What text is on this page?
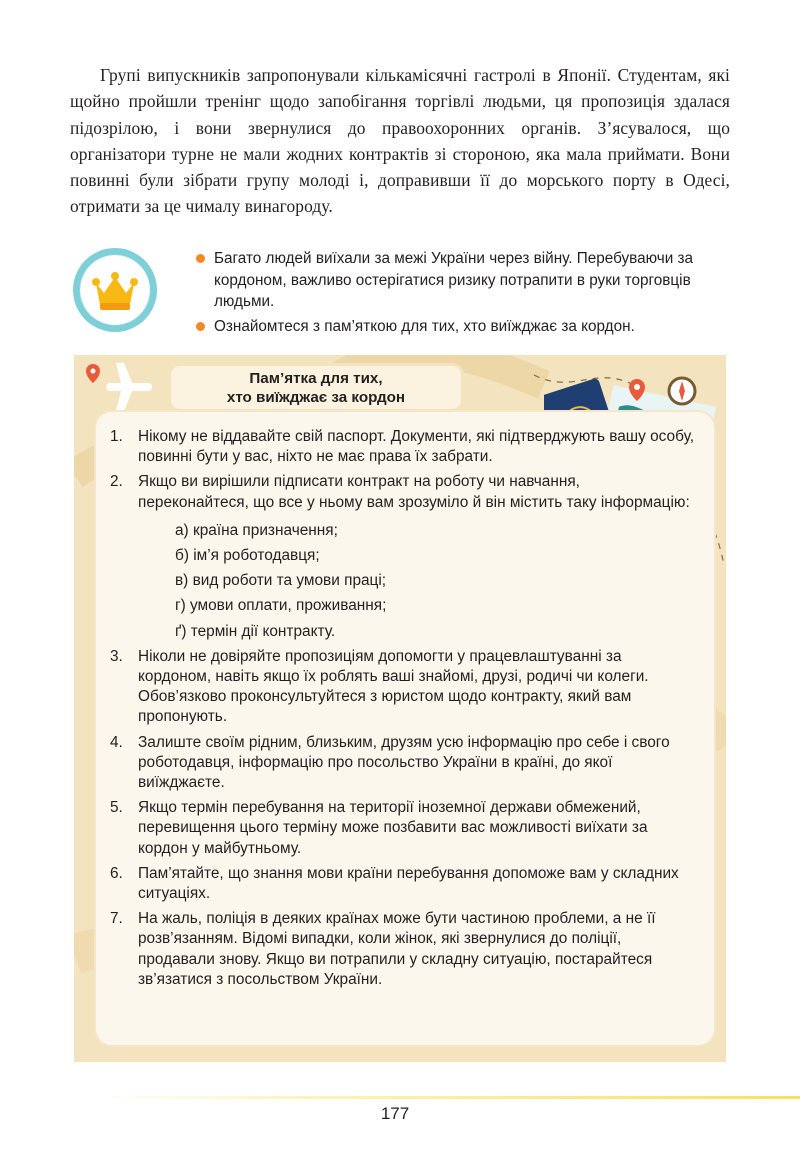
Групі випускників запропонували кількамісячні гастролі в Японії. Студентам, які щойно пройшли тренінг щодо запобігання торгівлі людьми, ця пропозиція здалася підозрілою, і вони звернулися до правоохоронних органів. З’ясувалося, що організатори турне не мали жодних контрактів зі стороною, яка мала приймати. Вони повинні були зібрати групу молоді і, доправивши її до морського порту в Одесі, отримати за це чималу винагороду.

Багато людей виїхали за межі України через війну. Перебуваючи за кордоном, важливо остерігатися ризику потрапити в руки торговців людьми.
Ознайомтеся з пам’яткою для тих, хто виїжджає за кордон.
Пам’ятка для тих,
хто виїжджає за кордон
1. Нікому не віддавайте свій паспорт. Документи, які підтверджують вашу особу, повинні бути у вас, ніхто не має права їх забрати.
2. Якщо ви вирішили підписати контракт на роботу чи навчання, переконайтеся, що все у ньому вам зрозуміло й він містить таку інформацію:
а) країна призначення;
б) ім’я роботодавця;
в) вид роботи та умови праці;
г) умови оплати, проживання;
ґ) термін дії контракту.
3. Ніколи не довіряйте пропозиціям допомогти у працевлаштуванні за кордоном, навіть якщо їх роблять ваші знайомі, друзі, родичі чи колеги. Обов’язково проконсультуйтеся з юристом щодо контракту, який вам пропонують.
4. Залиште своїм рідним, близьким, друзям усю інформацію про себе і свого роботодавця, інформацію про посольство України в країні, до якої виїжджаєте.
5. Якщо термін перебування на території іноземної держави обмежений, перевищення цього терміну може позбавити вас можливості виїхати за кордон у майбутньому.
6. Пам’ятайте, що знання мови країни перебування допоможе вам у складних ситуаціях.
7. На жаль, поліція в деяких країнах може бути частиною проблеми, а не її розв’язанням. Відомі випадки, коли жінок, які звернулися до поліції, продавали знову. Якщо ви потрапили у складну ситуацію, постарайтеся зв’язатися з посольством України.
177
